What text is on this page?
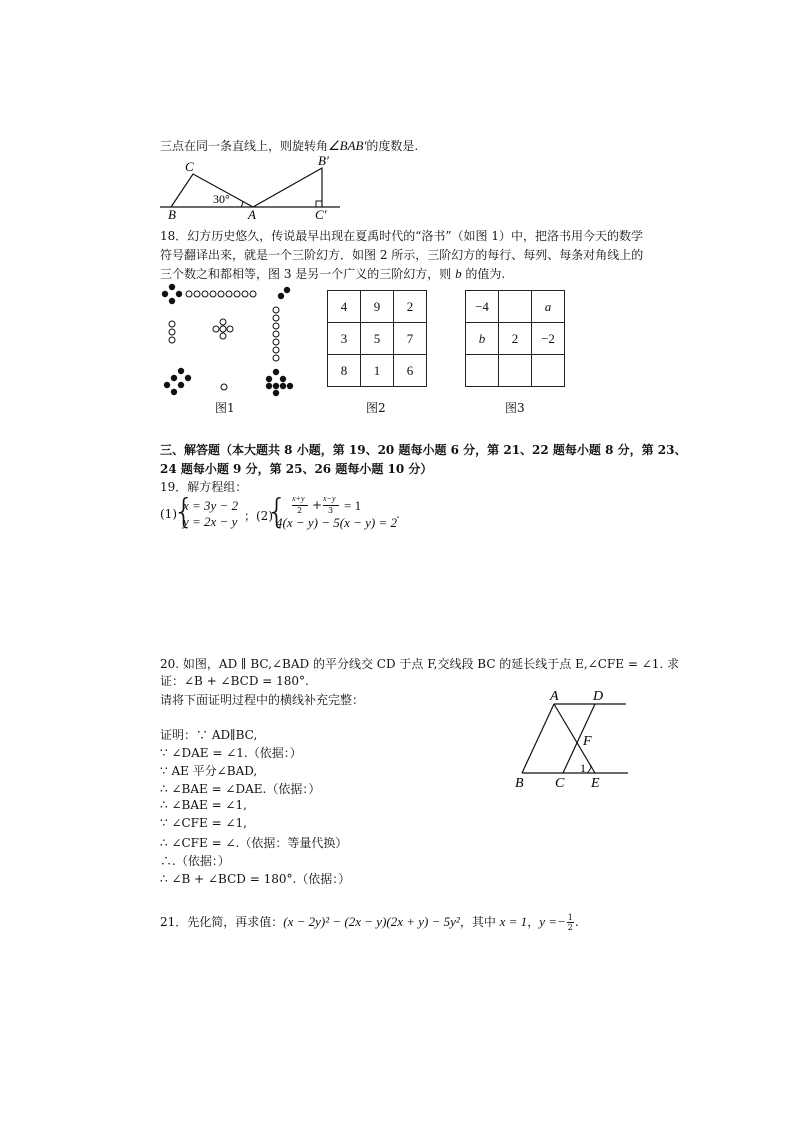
三点在同一条直线上，则旋转角∠BAB′的度数是.
C
B	A
B′
C′
30°
18．幻方历史悠久，传说最早出现在夏禹时代的“洛书”（如图 1）中，把洛书用今天的数学
符号翻译出来，就是一个三阶幻方．如图 2 所示，三阶幻方的每行、每列、每条对角线上的
三个数之和都相等，图 3 是另一个广义的三阶幻方，则 b 的值为.
4	9	2
3	5	7
8	1	6
−4		a
b	2	−2

图1	图2	图3
三、解答题（本大题共 8 小题，第 19、20 题每小题 6 分，第 21、22 题每小题 8 分，第 23、
24 题每小题 9 分，第 25、26 题每小题 10 分）
19．解方程组：
(1)
{
x = 3y − 2
y = 2x − y ；(2)
{ x+y
2 + x−y
3 = 1
4(x − y) − 5(x − y) = 2
.
20. 如图，AD ∥ BC,∠BAD 的平分线交 CD 于点 F,交线段 BC 的延长线于点 E,∠CFE = ∠1. 求
证：∠B + ∠BCD = 180°.
请将下面证明过程中的横线补充完整：
证明：∵ AD∥BC,
∵ ∠DAE = ∠1.（依据：）
∵ AE 平分∠BAD,
∴ ∠BAE = ∠DAE.（依据：）
∴ ∠BAE = ∠1,
∵ ∠CFE = ∠1,
∴ ∠CFE = ∠.（依据：等量代换）
∴.（依据：）
∴ ∠B + ∠BCD = 180°.（依据：）
A D
F
B C E
1
21．先化简，再求值：(x − 2y)² − (2x − y)(2x + y) − 5y²，其中 x = 1，$y =- \frac{1}{2}$ .
